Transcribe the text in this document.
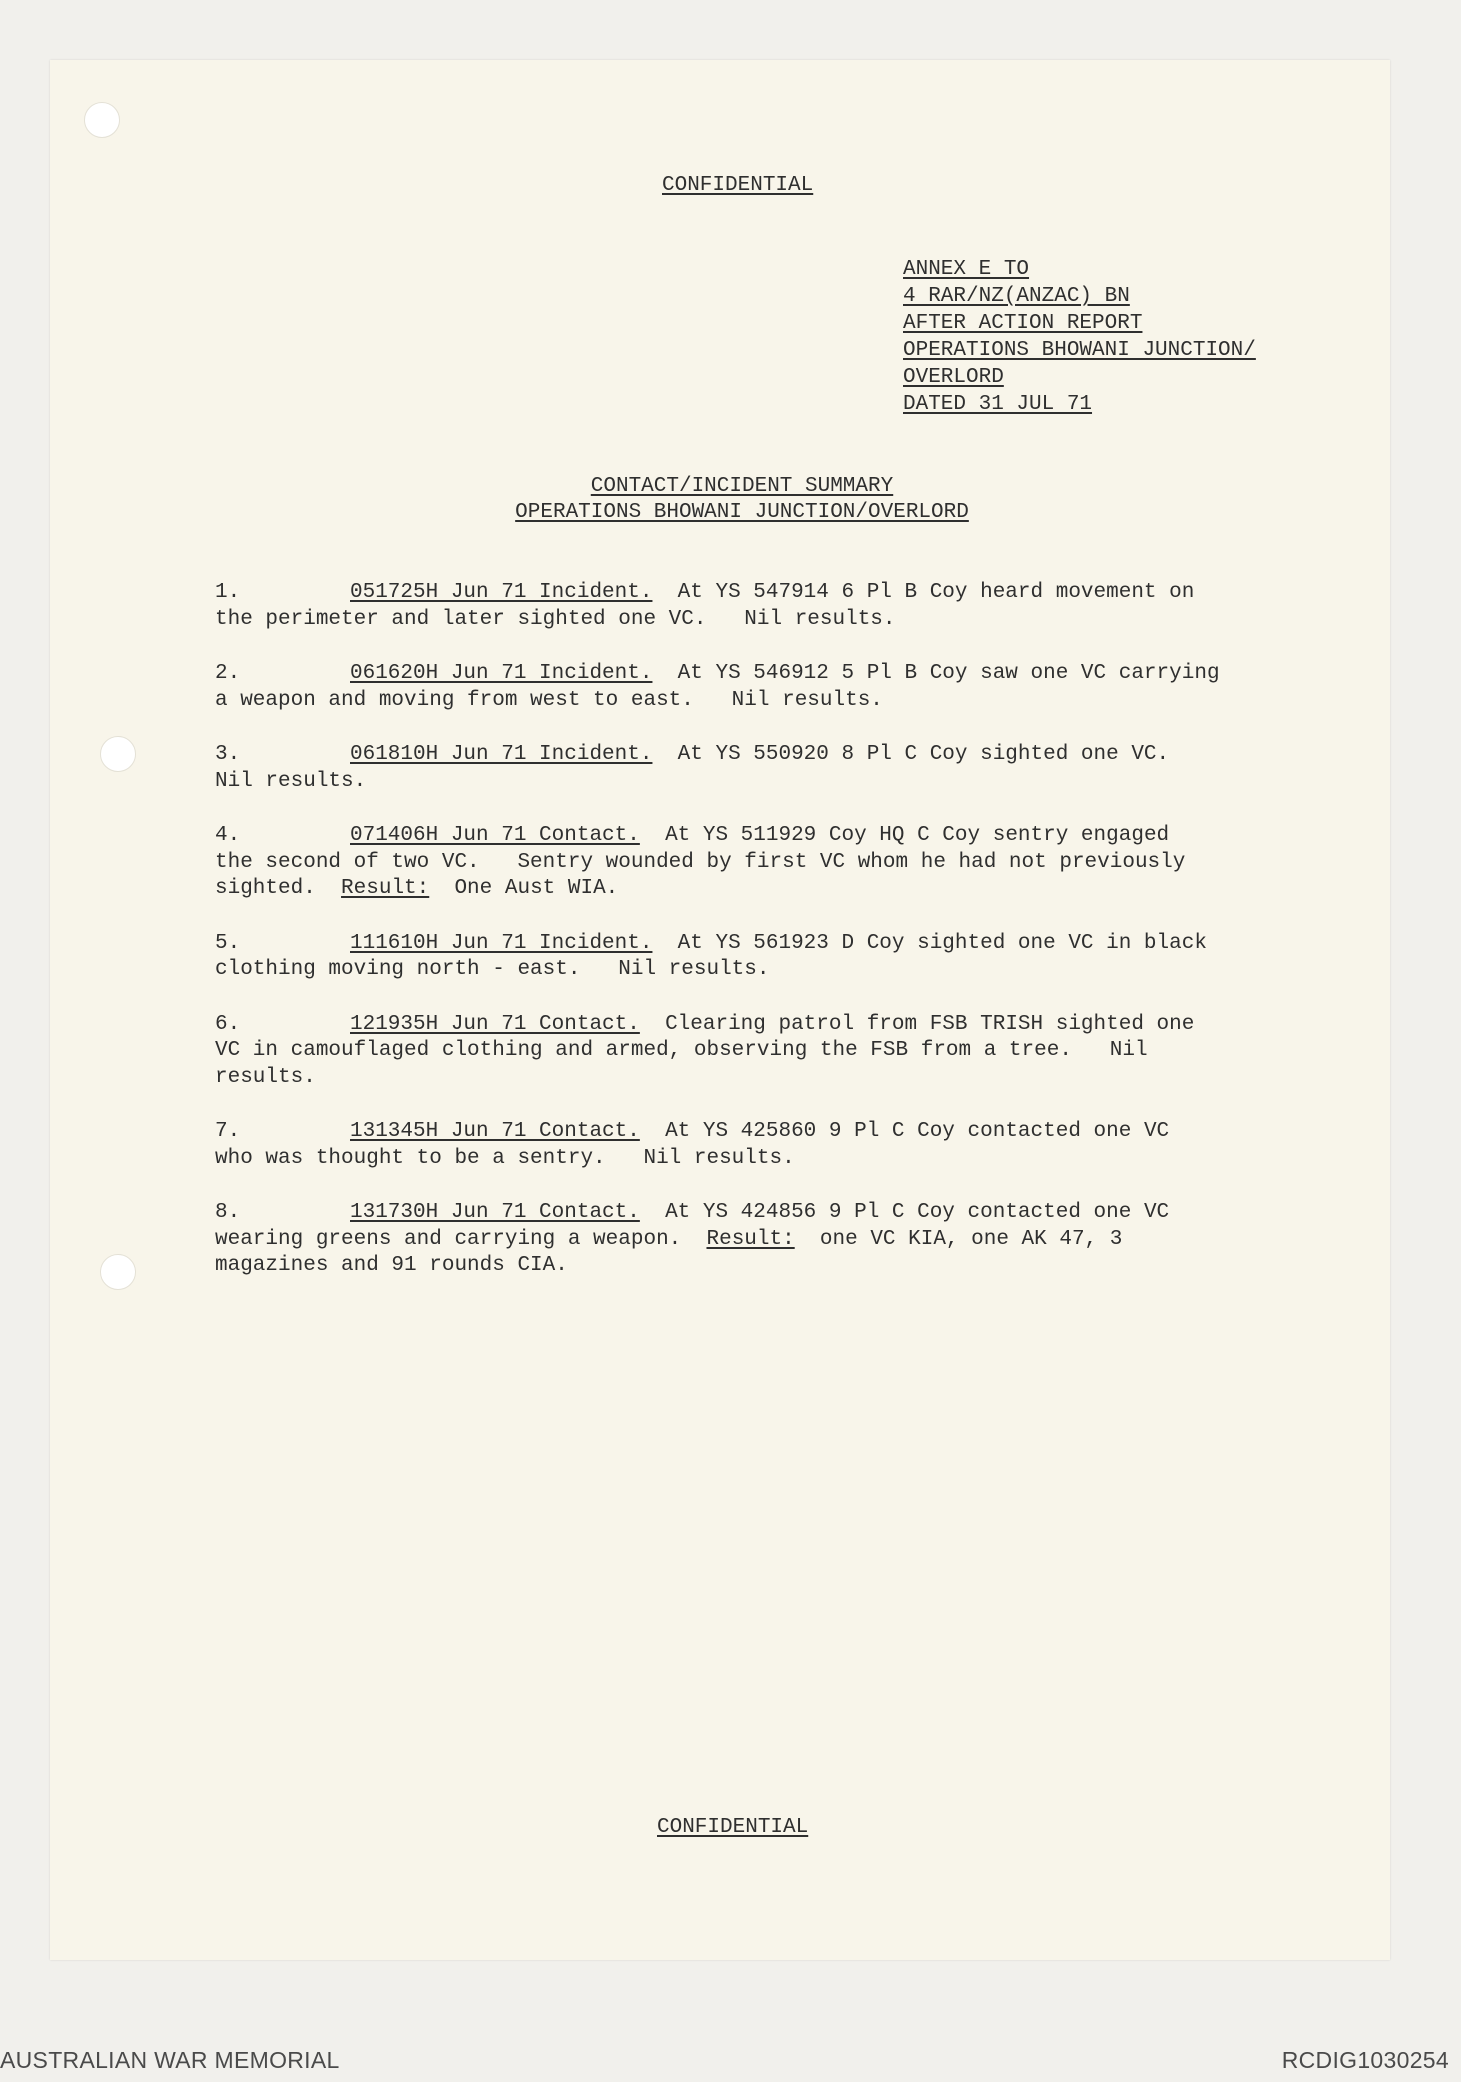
CONFIDENTIAL
ANNEX E TO
4 RAR/NZ(ANZAC) BN
AFTER ACTION REPORT
OPERATIONS BHOWANI JUNCTION/
OVERLORD
DATED 31 JUL 71
CONTACT/INCIDENT SUMMARY
OPERATIONS BHOWANI JUNCTION/OVERLORD
1.	051725H Jun 71 Incident.  At YS 547914 6 Pl B Coy heard movement on
the perimeter and later sighted one VC.   Nil results.
2.	061620H Jun 71 Incident.  At YS 546912 5 Pl B Coy saw one VC carrying
a weapon and moving from west to east.   Nil results.
3.	061810H Jun 71 Incident.  At YS 550920 8 Pl C Coy sighted one VC.
Nil results.
4.	071406H Jun 71 Contact.  At YS 511929 Coy HQ C Coy sentry engaged
the second of two VC.   Sentry wounded by first VC whom he had not previously
sighted.  Result:  One Aust WIA.
5.	111610H Jun 71 Incident.  At YS 561923 D Coy sighted one VC in black
clothing moving north - east.   Nil results.
6.	121935H Jun 71 Contact.  Clearing patrol from FSB TRISH sighted one
VC in camouflaged clothing and armed, observing the FSB from a tree.   Nil
results.
7.	131345H Jun 71 Contact.  At YS 425860 9 Pl C Coy contacted one VC
who was thought to be a sentry.   Nil results.
8.	131730H Jun 71 Contact.  At YS 424856 9 Pl C Coy contacted one VC
wearing greens and carrying a weapon.  Result:  one VC KIA, one AK 47, 3
magazines and 91 rounds CIA.
CONFIDENTIAL
AUSTRALIAN WAR MEMORIAL	RCDIG1030254
